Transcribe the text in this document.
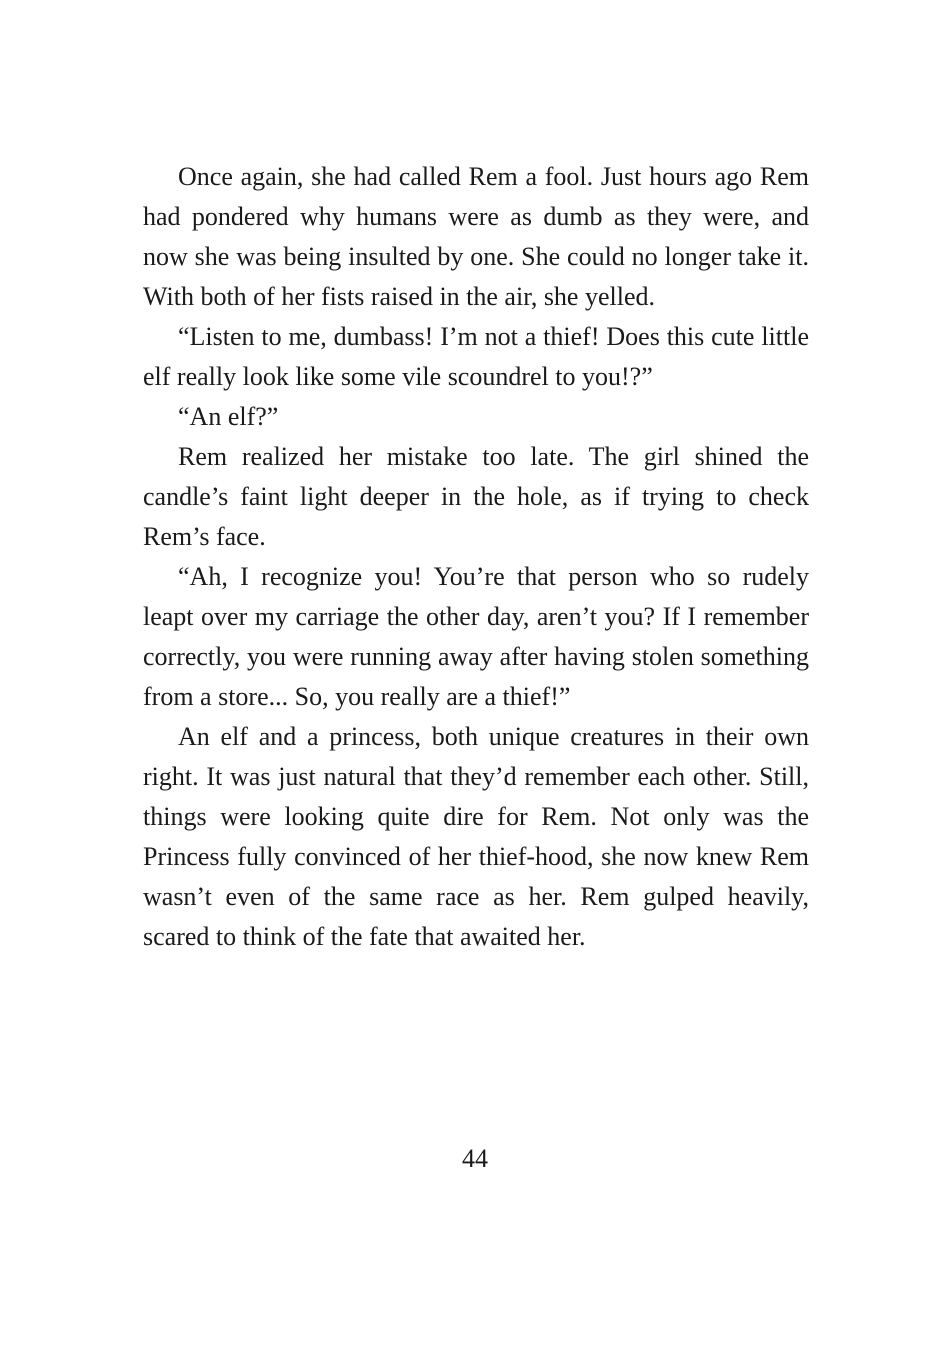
Once again, she had called Rem a fool. Just hours ago Rem had pondered why humans were as dumb as they were, and now she was being insulted by one. She could no longer take it. With both of her fists raised in the air, she yelled.

“Listen to me, dumbass! I’m not a thief! Does this cute little elf really look like some vile scoundrel to you!?”

“An elf?”

Rem realized her mistake too late. The girl shined the candle’s faint light deeper in the hole, as if trying to check Rem’s face.

“Ah, I recognize you! You’re that person who so rudely leapt over my carriage the other day, aren’t you? If I remember correctly, you were running away after having stolen something from a store... So, you really are a thief!”

An elf and a princess, both unique creatures in their own right. It was just natural that they’d remember each other. Still, things were looking quite dire for Rem. Not only was the Princess fully convinced of her thief-hood, she now knew Rem wasn’t even of the same race as her. Rem gulped heavily, scared to think of the fate that awaited her.

44
